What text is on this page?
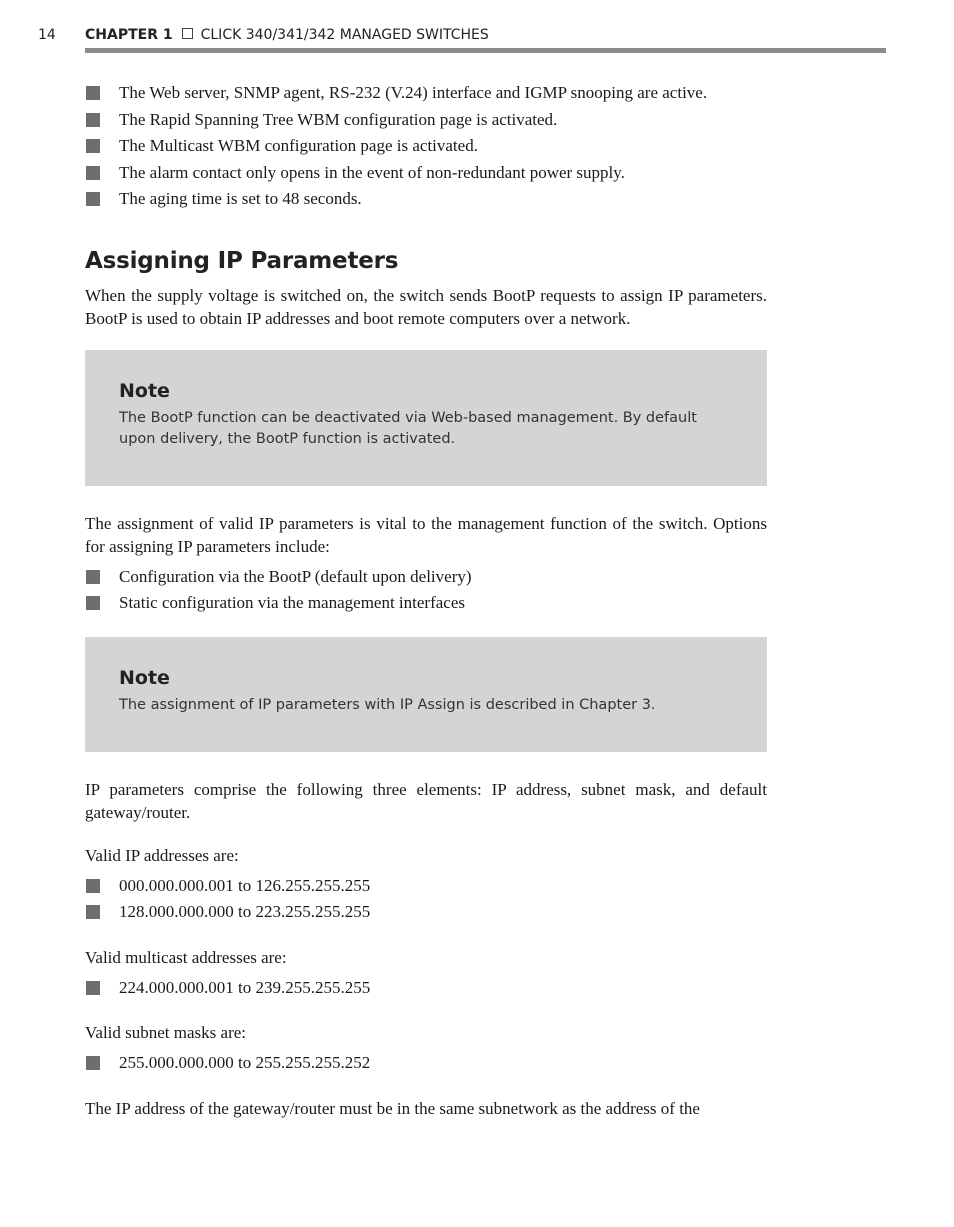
14 CHAPTER 1 CLICK 340/341/342 MANAGED SWITCHES
The Web server, SNMP agent, RS-232 (V.24) interface and IGMP snooping are active.
The Rapid Spanning Tree WBM configuration page is activated.
The Multicast WBM configuration page is activated.
The alarm contact only opens in the event of non-redundant power supply.
The aging time is set to 48 seconds.
Assigning IP Parameters

When the supply voltage is switched on, the switch sends BootP requests to assign IP parameters. BootP is used to obtain IP addresses and boot remote computers over a network.

Note
The BootP function can be deactivated via Web-based management. By default upon delivery, the BootP function is activated.

The assignment of valid IP parameters is vital to the management function of the switch. Options for assigning IP parameters include:

Configuration via the BootP (default upon delivery)
Static configuration via the management interfaces
Note
The assignment of IP parameters with IP Assign is described in Chapter 3.

IP parameters comprise the following three elements: IP address, subnet mask, and default gateway/router.

Valid IP addresses are:

000.000.000.001 to 126.255.255.255
128.000.000.000 to 223.255.255.255

Valid multicast addresses are:

224.000.000.001 to 239.255.255.255

Valid subnet masks are:

255.000.000.000 to 255.255.255.252

The IP address of the gateway/router must be in the same subnetwork as the address of the
